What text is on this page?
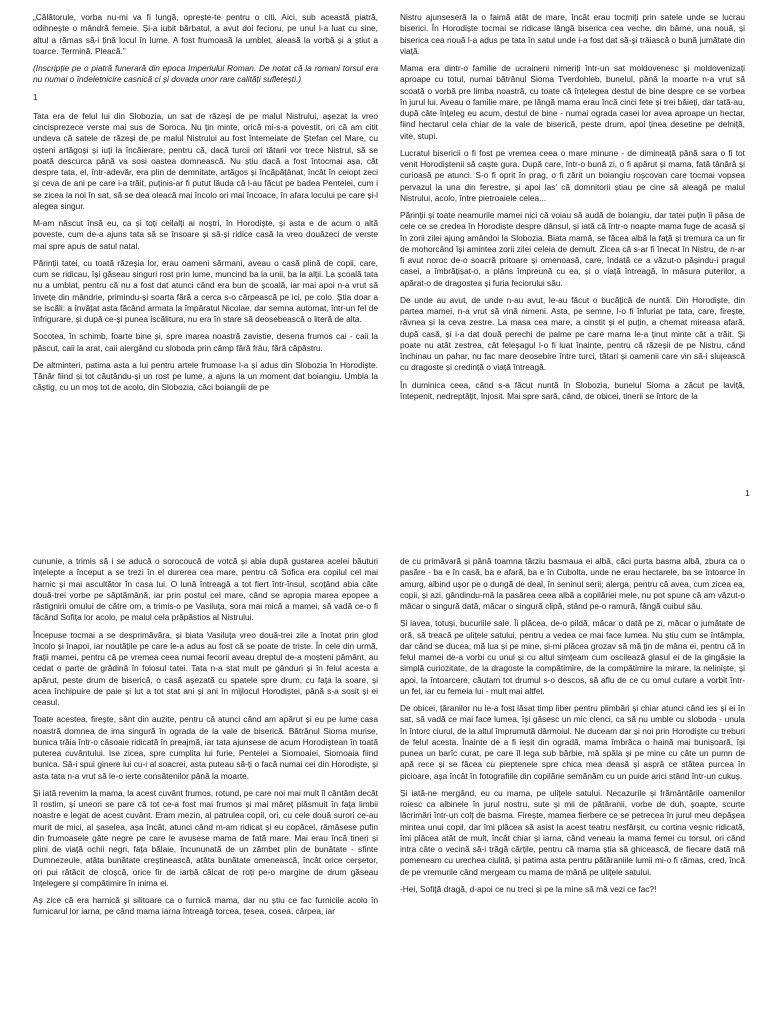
„Călătorule, vorba nu-mi va fi lungă, oprește-te pentru o citi. Aici, sub această piatră, odihnește o mândră femeie. Și-a iubit bărbatul, a avut doi fecioru, pe unul l-a luat cu sine, altul a rămas să-i țină locul în lume. A fost frumoasă la umblet, aleasă la vorbă și a știut a toarce. Termină. Pleacă.”

(Inscripție pe o piatră funerară din epoca Imperiului Roman. De notat că la romani torsul era nu numai o îndeletnicire casnică ci și dovada unor rare calități sufletești.)

1

Tata era de felul lui din Slobozia, un sat de răzeși de pe malul Nistrului, așezat la vreo cincisprezece verste mai sus de Soroca. Nu țin minte, orică mi-s-a povestit, ori că am citit undeva că satele de răzeși de pe malul Nistrului au fost întemeiate de Ștefan cel Mare, cu oșteni artăgoși și iuți la încăierare, pentru că, dacă turcii ori tătarii vor trece Nistrul, să se poată descurca până va sosi oastea domnească. Nu știu dacă a fost întocmai așa, căt despre tata, el, într-adevăr, era plin de demnitate, artăgos și încăpățânat, încât în ceiopt zeci și ceva de ani pe care i-a trăit, puținis-ar fi putut lăuda că l-au făcut pe badea Pentelei, cum i se zicea la noi în sat, să se dea oleacă mai încolo ori mai încoace, în afara locului pe care și-l alegea singur.

M-am născut însă eu, ca și toți ceilalți ai noștri, în Horodiște, și asta e de acum o altă poveste, cum de-a ajuns tata să se însoare și să-și ridice casă la vreo douăzeci de verste mai spre apus de satul natal.

Părinții tatei, cu toată răzeșia lor, erau oameni sărmani, aveau o casă plină de copii, care, cum se ridicau, își găseau singuri rost prin lume, muncind ba la unii, ba la alții. La școală tata nu a umblat, pentru că nu a fost dat atunci când era bun de școală, iar mai apoi n-a vrut să învețe din mândrie, primindu-și soarta fără a cerca s-o cârpească pe ici, pe colo. Știa doar a se iscăli: a învățat asta făcând armata la împăratul Nicolae, dar semna automat, într-un fel de înfrigurare, și după ce-și punea iscălitura, nu era în stare să deosebească o literă de alta.

Socotea, în schimb, foarte bine și, spre marea noastră zavistie, desena frumos cai - caii la păscut, caii la arat, caii alergând cu sloboda prin câmp fără frâu, fără căpăstru.

De altminteri, patima asta a lui pentru artele frumoase l-a și adus din Slobozia în Horodiște. Tânăr fiind și tot căutându-și un rost pe lume, a ajuns la un moment dat boiangiu. Umbla la căștig, cu un moș tot de acolo, din Slobozia, căci boiangiii de pe

Nistru ajunseseră la o faimă atât de mare, încât erau tocmiți prin satele unde se lucrau biserici. În Horodiște tocmai se ridicase lângă biserica cea veche, din bârne, una nouă, și biserica cea nouă l-a adus pe tata în satul unde i-a fost dat să-și trăiască o bună jumătate din viață.

Mama era dintr-o familie de ucraineni nimeriți într-un sat moldovenesc și moldovenizați aproape cu totul, numai bătrânul Sioma Tverdohleb, bunelul, până la moarte n-a vrut să scoată o vorbă pre limba noastră, cu toate că înțelegea destul de bine despre ce se vorbea în jurul lui. Aveau o familie mare, pe lângă mama erau încă cinci fete și trei băieți, dar tată-au, după câte înțeleg eu acum, destul de bine - numai ograda casei lor avea aproape un hectar, fiind hectarul cela chiar de la vale de biserică, peste drum, apoi ținea desetine pe delniță, vite, stupi.

Lucratul bisericii o fi fost pe vremea ceea o mare minune - de dimineață până sara o fi tot venit Horodiștenii să caște gura. După care, într-o bună zi, o fi apărut și mama, fată tânără și curioasă pe atunci. S-o fi oprit în prag, o fi zărit un boiangiu roșcovan care tocmai vopsea pervazul la una din ferestre, și apoi las' că domnitorii știau pe cine să aleagă pe malul Nistrului, acolo, între pietroaiele celea...

Părinții și toate neamurile mamei nici că voiau să audă de boiangiu, dar tatei puțin îi păsa de cele ce se credea în Horodiște despre dânsul, și iată că într-o noapte mama fuge de acasă și în zorii zilei ajung amândoi la Slobozia. Biata mamă, se făcea albă la față și tremura ca un fir de mohorcând își amintea zorii zilei celeia de demult. Zicea că s-ar fi înecat în Nistru, de n-ar fi avut noroc de-o soacră pritoare și omenoasă, care, îndată ce a văzut-o pășindu-i pragul casei, a îmbrățișat-o, a plâns împreună cu ea, și o viață întreagă, în măsura puterilor, a apărat-o de dragostea și furia feciorului său.

De unde au avut, de unde n-au avut, le-au făcut o bucățică de nuntă. Din Horodiște, din partea mamei, n-a vrut să vină nimeni. Asta, pe semne, l-o fi înfuriat pe tata, care, firește, râvnea și la ceva zestre. La masa cea mare, a cinstit și el puțin, a chemat mireasa afară, după casă, și i-a dat două perechi de palme pe care mama le-a ținut minte cât a trăit. Și poate nu atât zestrea, cât feleșagul l-o fi luat înainte, pentru că răzeșii de pe Nistru, când închinau un pahar, nu fac mare deosebire între turci, tătari și oamenii care vin să-i slujească cu dragoste și credință o viață întreagă.

În duminica ceea, când s-a făcut nuntă în Slobozia, bunelul Sioma a zăcut pe laviță, întepenit, nedreptățit, înjosit. Mai spre sară, când, de obicei, tinerii se întorc de la

1

cununie, a trimis să i se aducă o sorocoucă de votcă și abia după gustarea acelei băuturi înțelepte a început a se trezi în el durerea cea mare, pentru că Sofica era copilul cel mai harnic și mai ascultător în casa lui. O lună întreagă a tot fiert într-însul, scoțând abia câte două-trei vorbe pe săptămână, iar prin postul cel mare, când se apropia marea epopee a răstignirii omului de către om, a trimis-o pe Vasiluța, sora mai mică a mamei, să vadă ce-o fi făcând Sofița lor acolo, pe malul cela prăpăstios al Nistrului.

Începuse tocmai a se desprimăvăra, și biata Vasiluța vreo două-trei zile a înotat prin glod încolo și înapoi, iar noutățile pe care le-a adus au fost că se poate de triste. În cele din urmă, frații mamei, pentru că pe vremea ceea numai fecorii aveau dreptul de-a moșteni pământ, au cedat o parte de grădină în folosul tatei. Tata n-a stat mult pe gânduri și în felul acesta a apărut, peste drum de biserică, o casă așezată cu spatele spre drum, cu fața la soare, și acea închipuire de paie și lut a tot stat ani și ani în mijlocul Horodiștei, până s-a sosit și ei ceasul.

Toate acestea, firește, sânt din auzite, pentru că atunci când am apărut și eu pe lume casa noastră domnea de ima singură în ograda de la vale de biserică. Bătrânul Sioma murise, bunica trăia într-o căsoaie ridicată în preajmă, iar tata ajunsese de acum Horodiștean în toată puterea cuvântului. Ise zicea, spre cumplita lui furie, Pentelei a Siomoaiei, Siomoaia fiind bunica. Să-i spui ginere lui cu-i al soacrei, asta puteau să-ți o facă numai cei din Horodiște, și asta tata n-a vrut să le-o ierte consătenilor până la moarte.

Și iată revenim la mama, la acest cuvânt frumos, rotund, pe care noi mai mult îl cântăm decât îl rostim, și uneori se pare că tot ce-a fost mai frumos și mai măreț plăsmuit în fața limbii noastre e legat de acest cuvânt. Eram mezin, al patrulea copil, ori, cu cele două surori ce-au murit de mici, al șaselea, așa încât, atunci când m-am ridicat și eu copăcel, rămăsese pufin din frumoasele gâte negre pe care le avusese mama de fată mare. Mai erau încă tineri și plini de viață ochii negri, fața bălaie, încununată de un zâmbet plin de bunătate - sfinte Dumnezeule, atâta bunătate creștinească, atâta bunătate omenească, încât orice cerșetor, ori pui rătăcit de cloșcă, orice fir de iarbă călcat de roți pe-o margine de drum găseau înțelegere și compătimire în inima ei.

Aș zice că era harnică și silitoare ca o furnică mama, dar nu știu ce fac furnicile acolo în furnicarul lor iarna, pe când mama iarna întreagă torcea, țesea, cosea, cârpea, iar

de cu primăvară și până toamna târziu basmaua ei albă, căci purta basma albă, zbura ca o pasăre - ba e în casă, ba e afară, ba e în Cubolta, unde ne erau hectarele, ba se întoarce în amurg, albind ușor pe o dungă de deal, în seninul serii; alerga, pentru că avea, cum zicea ea, copii, și azi, gândindu-mă la pasărea ceea albă a copilăriei mele, nu pot spune că am văzut-o măcar o singură dată, măcar o singură clipă, stând pe-o ramură, fângă cuibul său.

Și iavea, totuși, bucuriile sale. Îi plăcea, de-o pildă, măcar o dată pe zi, măcar o jumătate de oră, să treacă pe ulițele satului, pentru a vedea ce mai face lumea. Nu știu cum se întâmpla, dar când se ducea, mă lua și pe mine, și-mi plăcea grozav să mă țin de mâna ei, pentru că în felul mamei de-a vorbi cu unul și cu altul simțeam cum oscilează glasul ei de la gingășie la simplă curiozitate, de la dragoste la compătimire, de la compătimire la mirare, la neliniște, și apoi, la întoarcere, căutam tot drumul s-o descos, să aflu de ce cu omul cutare a vorbit într-un fel, iar cu femeia lui - mult mai altfel.

De obicei, țăranilor nu le-a fost lăsat timp liber pentru plimbări și chiar atunci când ies și ei în sat, să vadă ce mai face lumea, își găsesc un mic clenci, ca să nu umble cu sloboda - unula în întorc ciurul, de la altul împrumută dârmoiul. Ne duceam dar și noi prin Horodiște cu treburi de felul acesta. Înainte de a fi ieșit din ogradă, mama îmbrăca o haină mai bunișoară, își punea un barîc curat, pe care îl lega sub bărbie, mă spăla și pe mine cu câte un pumn de apă rece și se făcea cu pieptenele spre chica mea deasă și aspră ce stătea purcea în picioare, așa încât în fotografiile din copilărie semănăm cu un puide arici stând într-un cukuș.

Și iată-ne mergând, eu cu mama, pe ulițele satului. Necazurile și frământările oamenilor roiesc ca albinele în jurul nostru, sute și mii de pătăranii, vorbe de duh, șoapte, scurte lăcrimări într-un colț de basma. Firește, mamea fierbere ce se petrecea în jurul meu depășea mintea unui copil, dar îmi plăcea să asist la acest teatru nesfârșit, cu cortina veșnic ridicată, îmi plăcea atât de mult, încât chiar și iarna, când veneau la mama femei cu torsul, ori când intra câte o vecină să-i trăgă cărțile, pentru că mama știa să ghicească, de fiecare dată mă pomeneam cu urechea ciulită, și patima asta pentru pătăraniile lumii mi-o fi rămas, cred, încă de pe vremurile când mergeam cu mama de mână pe ulițele satului.

-Hei, Sofiță dragă, d-apoi ce nu treci și pe la mine să mă vezi ce fac?!
